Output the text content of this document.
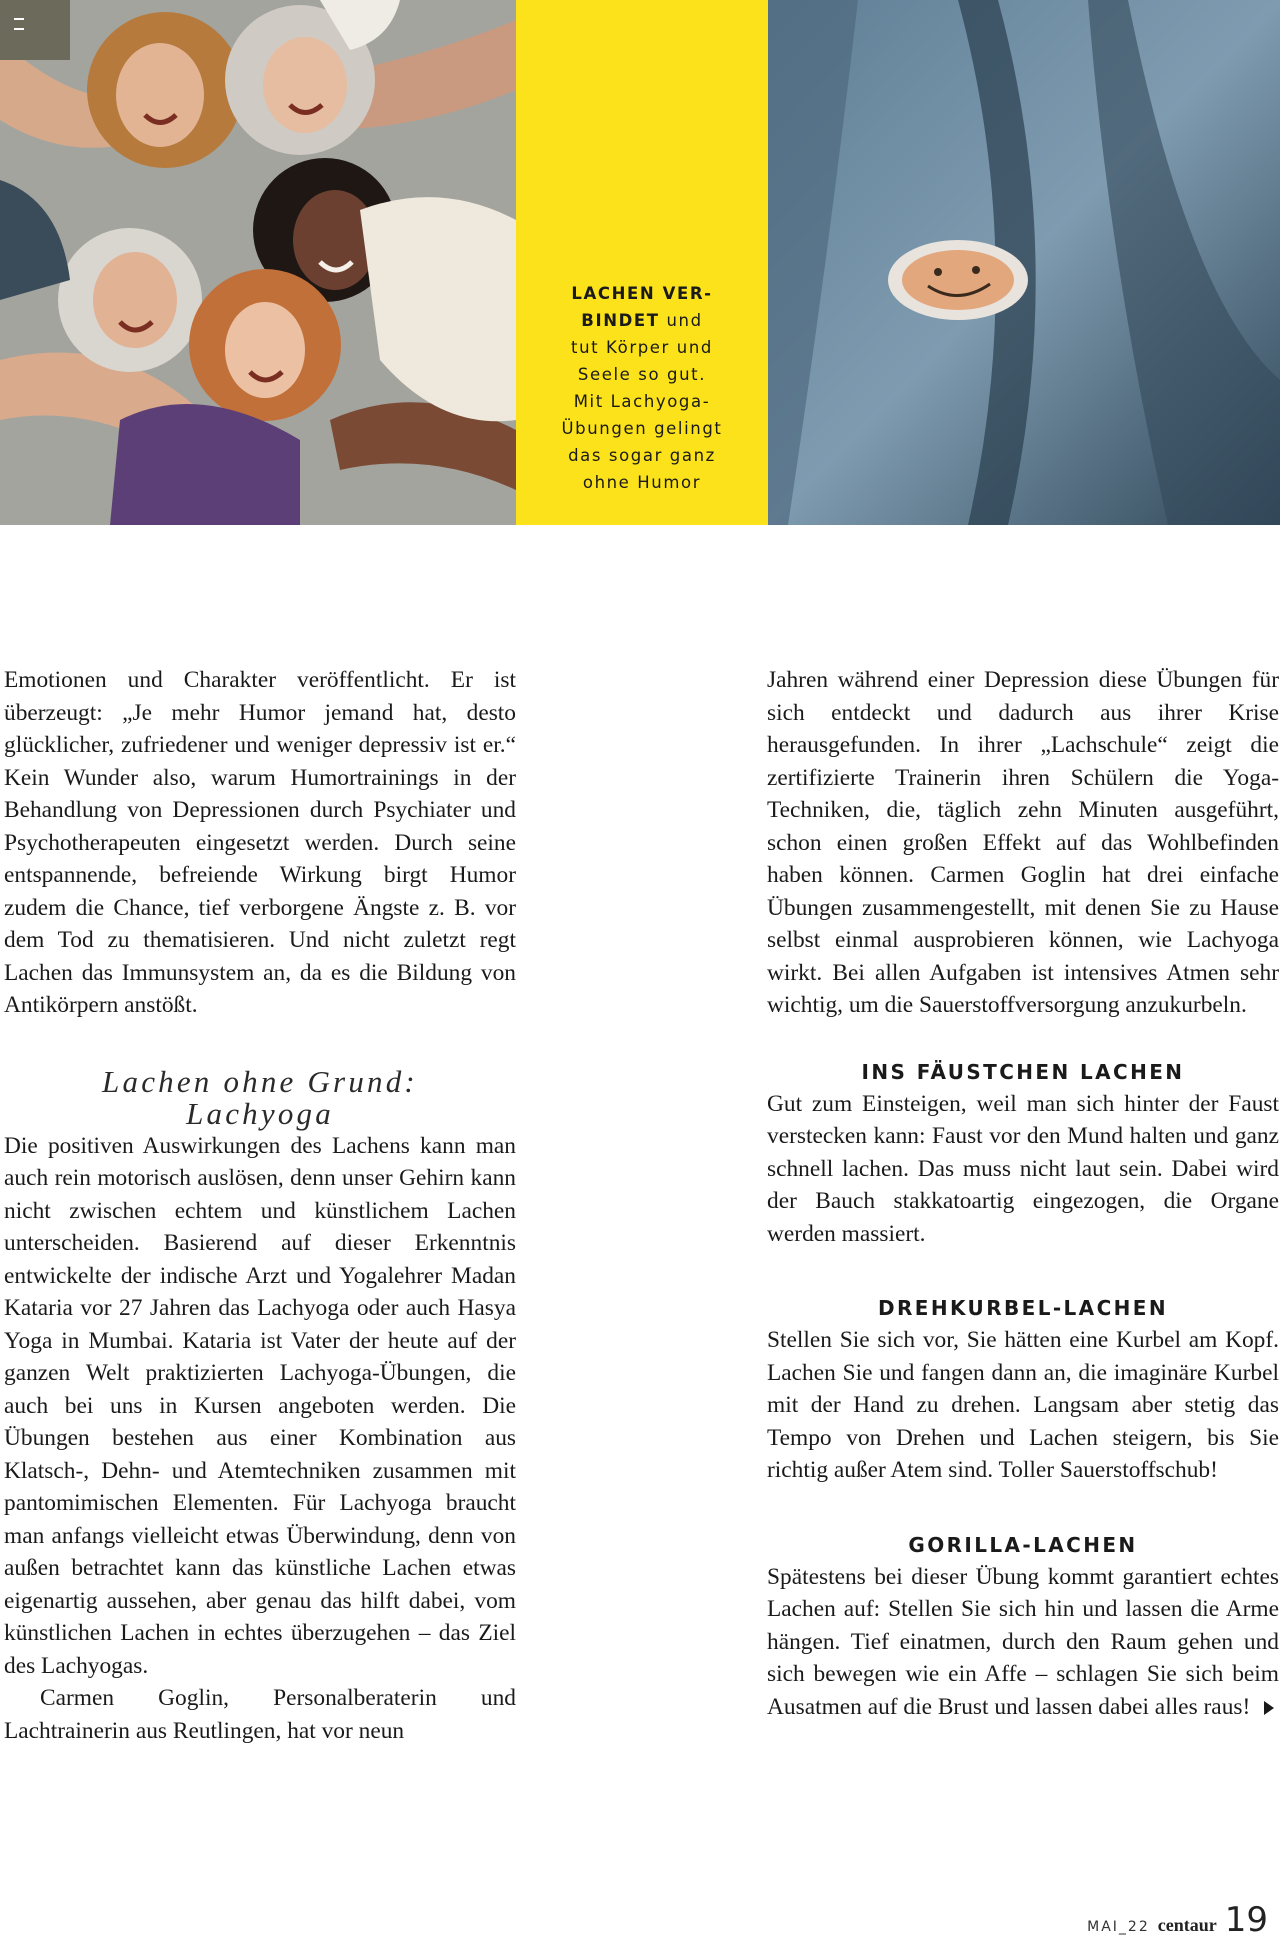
LACHEN VER-
BINDET und
tut Körper und
Seele so gut.
Mit Lachyoga-
Übungen gelingt
das sogar ganz
ohne Humor

Emotionen und Charakter veröffentlicht. Er ist überzeugt: „Je mehr Humor jemand hat, desto glücklicher, zufriedener und weniger depressiv ist er.“ Kein Wunder also, warum Humortrainings in der Behandlung von Depressionen durch Psychiater und Psychotherapeuten eingesetzt werden. Durch seine entspannende, befreiende Wirkung birgt Humor zudem die Chance, tief verborgene Ängste z. B. vor dem Tod zu thematisieren. Und nicht zuletzt regt Lachen das Immunsystem an, da es die Bildung von Antikörpern anstößt.

Lachen ohne Grund:
Lachyoga

Die positiven Auswirkungen des Lachens kann man auch rein motorisch auslösen, denn unser Gehirn kann nicht zwischen echtem und künstlichem Lachen unterscheiden. Basierend auf dieser Erkenntnis entwickelte der indische Arzt und Yogalehrer Madan Kataria vor 27 Jahren das Lachyoga oder auch Hasya Yoga in Mumbai. Kataria ist Vater der heute auf der ganzen Welt praktizierten Lachyoga-Übungen, die auch bei uns in Kursen angeboten werden. Die Übungen bestehen aus einer Kombination aus Klatsch-, Dehn- und Atemtechniken zusammen mit pantomimischen Elementen. Für Lachyoga braucht man anfangs vielleicht etwas Überwindung, denn von außen betrachtet kann das künstliche Lachen etwas eigenartig aussehen, aber genau das hilft dabei, vom künstlichen Lachen in echtes überzugehen – das Ziel des Lachyogas.

Carmen Goglin, Personalberaterin und Lachtrainerin aus Reutlingen, hat vor neun

Jahren während einer Depression diese Übungen für sich entdeckt und dadurch aus ihrer Krise herausgefunden. In ihrer „Lachschule“ zeigt die zertifizierte Trainerin ihren Schülern die Yoga-Techniken, die, täglich zehn Minuten ausgeführt, schon einen großen Effekt auf das Wohlbefinden haben können. Carmen Goglin hat drei einfache Übungen zusammengestellt, mit denen Sie zu Hause selbst einmal ausprobieren können, wie Lachyoga wirkt. Bei allen Aufgaben ist intensives Atmen sehr wichtig, um die Sauerstoffversorgung anzukurbeln.

INS FÄUSTCHEN LACHEN

Gut zum Einsteigen, weil man sich hinter der Faust verstecken kann: Faust vor den Mund halten und ganz schnell lachen. Das muss nicht laut sein. Dabei wird der Bauch stakkatoartig eingezogen, die Organe werden massiert.

DREHKURBEL-LACHEN

Stellen Sie sich vor, Sie hätten eine Kurbel am Kopf. Lachen Sie und fangen dann an, die imaginäre Kurbel mit der Hand zu drehen. Langsam aber stetig das Tempo von Drehen und Lachen steigern, bis Sie richtig außer Atem sind. Toller Sauerstoffschub!

GORILLA-LACHEN

Spätestens bei dieser Übung kommt garantiert echtes Lachen auf: Stellen Sie sich hin und lassen die Arme hängen. Tief einatmen, durch den Raum gehen und sich bewegen wie ein Affe – schlagen Sie sich beim Ausatmen auf die Brust und lassen dabei alles raus!

MAI_22 centaur 19
